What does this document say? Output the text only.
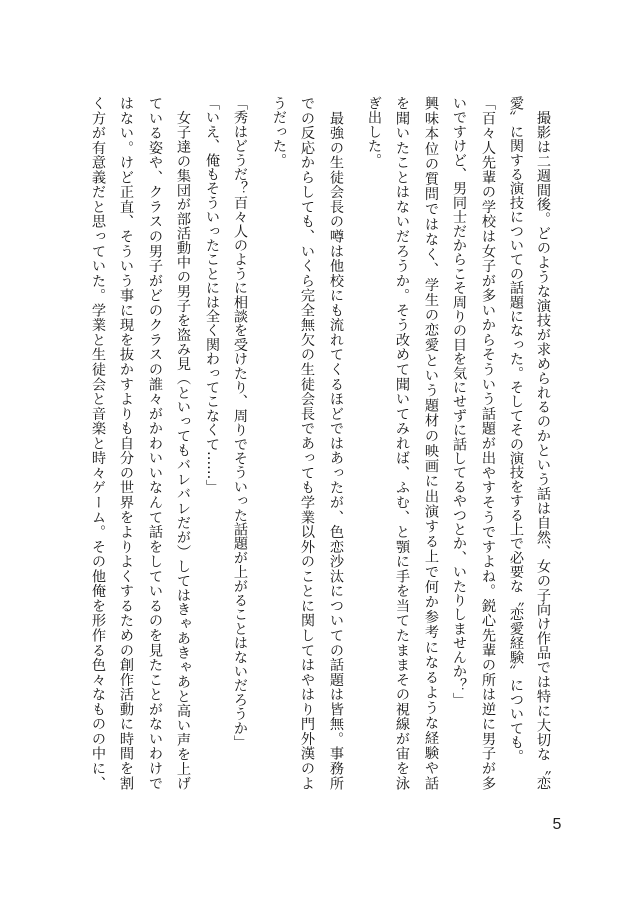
　撮影は二週間後。どのような演技が求められるのかという話は自然、女の子向け作品では特に大切な〝恋
愛〟に関する演技についての話題になった。そしてその演技をする上で必要な〝恋愛経験〟についても。
「百々人先輩の学校は女子が多いからそういう話題が出やすそうですよね。鋭心先輩の所は逆に男子が多
いですけど、男同士だからこそ周りの目を気にせずに話してるやつとか、いたりしませんか？」
興味本位の質問ではなく、学生の恋愛という題材の映画に出演する上で何か参考になるような経験や話
を聞いたことはないだろうか。そう改めて聞いてみれば、ふむ、と顎に手を当てたままその視線が宙を泳
ぎ出した。
　最強の生徒会長の噂は他校にも流れてくるほどではあったが、色恋沙汰についての話題は皆無。事務所
での反応からしても、いくら完全無欠の生徒会長であっても学業以外のことに関してはやはり門外漢のよ
うだった。
「秀はどうだ？百々人のように相談を受けたり、周りでそういった話題が上がることはないだろうか」
「いえ、俺もそういったことには全く関わってこなくて……」
　女子達の集団が部活動中の男子を盗み見（といってもバレバレだが）してはきゃあきゃあと高い声を上げ
ている姿や、クラスの男子がどのクラスの誰々がかわいいなんて話をしているのを見たことがないわけで
はない。けど正直、そういう事に現を抜かすよりも自分の世界をよりよくするための創作活動に時間を割
く方が有意義だと思っていた。学業と生徒会と音楽と時々ゲーム。その他俺を形作る色々なものの中に、
5
